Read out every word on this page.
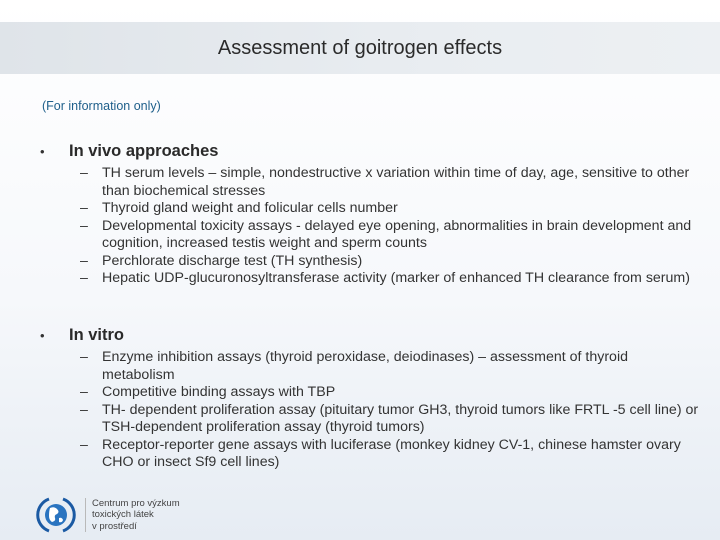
Assessment of goitrogen effects
(For information only)
•	In vivo approaches
– TH serum levels – simple, nondestructive x variation within time of day, age, sensitive to other than biochemical stresses
– Thyroid gland weight and folicular cells number
– Developmental toxicity assays - delayed eye opening, abnormalities in brain development and cognition, increased testis weight and sperm counts
– Perchlorate discharge test (TH synthesis)
– Hepatic UDP-glucuronosyltransferase activity (marker of enhanced TH clearance from serum)
•	In vitro
– Enzyme inhibition assays (thyroid peroxidase, deiodinases) – assessment of thyroid metabolism
– Competitive binding assays with TBP
– TH- dependent proliferation assay (pituitary tumor GH3, thyroid tumors like FRTL -5 cell line) or TSH-dependent proliferation assay (thyroid tumors)
– Receptor-reporter gene assays with luciferase (monkey kidney CV-1, chinese hamster ovary CHO or insect Sf9 cell lines)
Centrum pro výzkum
toxických látek
v prostředí
